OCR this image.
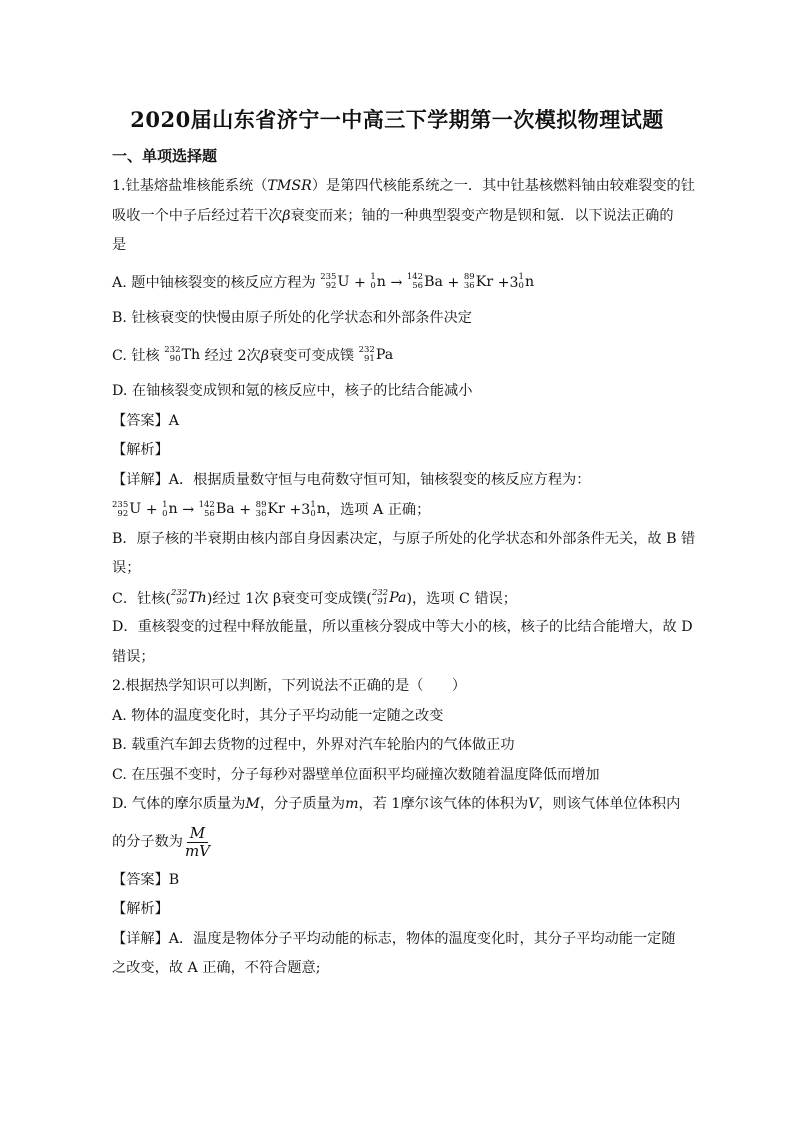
2020届山东省济宁一中高三下学期第一次模拟物理试题
一、单项选择题
1.钍基熔盐堆核能系统（TMSR）是第四代核能系统之一．其中钍基核燃料铀由较难裂变的钍
吸收一个中子后经过若干次β衰变而来；铀的一种典型裂变产物是钡和氪．以下说法正确的
是
A. 题中铀核裂变的核反应方程为 235
92 U + 1
0 n → 142
56 Ba + 89
36 Kr +3 1
0 n
B. 钍核衰变的快慢由原子所处的化学状态和外部条件决定
C. 钍核 232
90 Th 经过 2次β衰变可变成镤 232
91 Pa
D. 在铀核裂变成钡和氪的核反应中，核子的比结合能减小
【答案】A
【解析】
【详解】A．根据质量数守恒与电荷数守恒可知，铀核裂变的核反应方程为：
235
92 U + 1
0 n → 142
56 Ba + 89
36 Kr +3 1
0 n ，选项 A 正确；
B．原子核的半衰期由核内部自身因素决定，与原子所处的化学状态和外部条件无关，故 B 错
误；
C．钍核( 232
90 Th )经过 1次 β衰变可变成镤( 232
91 Pa )，选项 C 错误；
D．重核裂变的过程中释放能量，所以重核分裂成中等大小的核，核子的比结合能增大，故 D
错误；
2.根据热学知识可以判断，下列说法不正确的是（　　）
A. 物体的温度变化时，其分子平均动能一定随之改变
B. 载重汽车卸去货物的过程中，外界对汽车轮胎内的气体做正功
C. 在压强不变时，分子每秒对器壁单位面积平均碰撞次数随着温度降低而增加
D. 气体的摩尔质量为M，分子质量为m，若 1摩尔该气体的体积为V，则该气体单位体积内
的分子数为 $\frac{M}{mV}$
【答案】B
【解析】
【详解】A．温度是物体分子平均动能的标志，物体的温度变化时，其分子平均动能一定随
之改变，故 A 正确，不符合题意;
